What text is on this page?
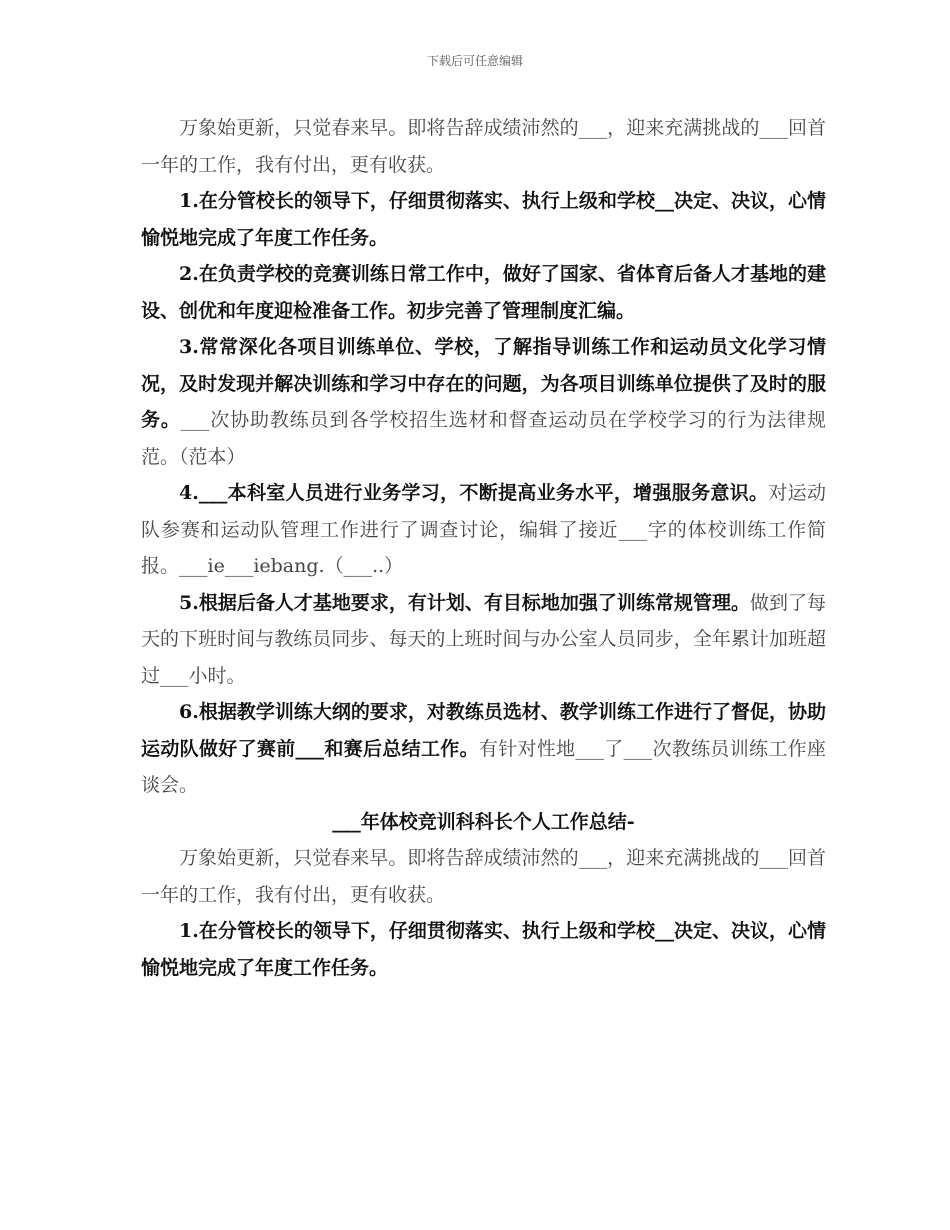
下载后可任意编辑

万象始更新，只觉春来早。即将告辞成绩沛然的___，迎来充满挑战的___回首一年的工作，我有付出，更有收获。

1.在分管校长的领导下，仔细贯彻落实、执行上级和学校__决定、决议，心情愉悦地完成了年度工作任务。

2.在负责学校的竞赛训练日常工作中，做好了国家、省体育后备人才基地的建设、创优和年度迎检准备工作。初步完善了管理制度汇编。

3.常常深化各项目训练单位、学校，了解指导训练工作和运动员文化学习情况，及时发现并解决训练和学习中存在的问题，为各项目训练单位提供了及时的服务。___次协助教练员到各学校招生选材和督查运动员在学校学习的行为法律规范。（范本）

4.___本科室人员进行业务学习，不断提高业务水平，增强服务意识。对运动队参赛和运动队管理工作进行了调查讨论，编辑了接近___字的体校训练工作简报。___ie___iebang.（___..）

5.根据后备人才基地要求，有计划、有目标地加强了训练常规管理。做到了每天的下班时间与教练员同步、每天的上班时间与办公室人员同步，全年累计加班超过___小时。

6.根据教学训练大纲的要求，对教练员选材、教学训练工作进行了督促，协助运动队做好了赛前___和赛后总结工作。有针对性地___了___次教练员训练工作座谈会。

___年体校竞训科科长个人工作总结-

万象始更新，只觉春来早。即将告辞成绩沛然的___，迎来充满挑战的___回首一年的工作，我有付出，更有收获。

1.在分管校长的领导下，仔细贯彻落实、执行上级和学校__决定、决议，心情愉悦地完成了年度工作任务。
